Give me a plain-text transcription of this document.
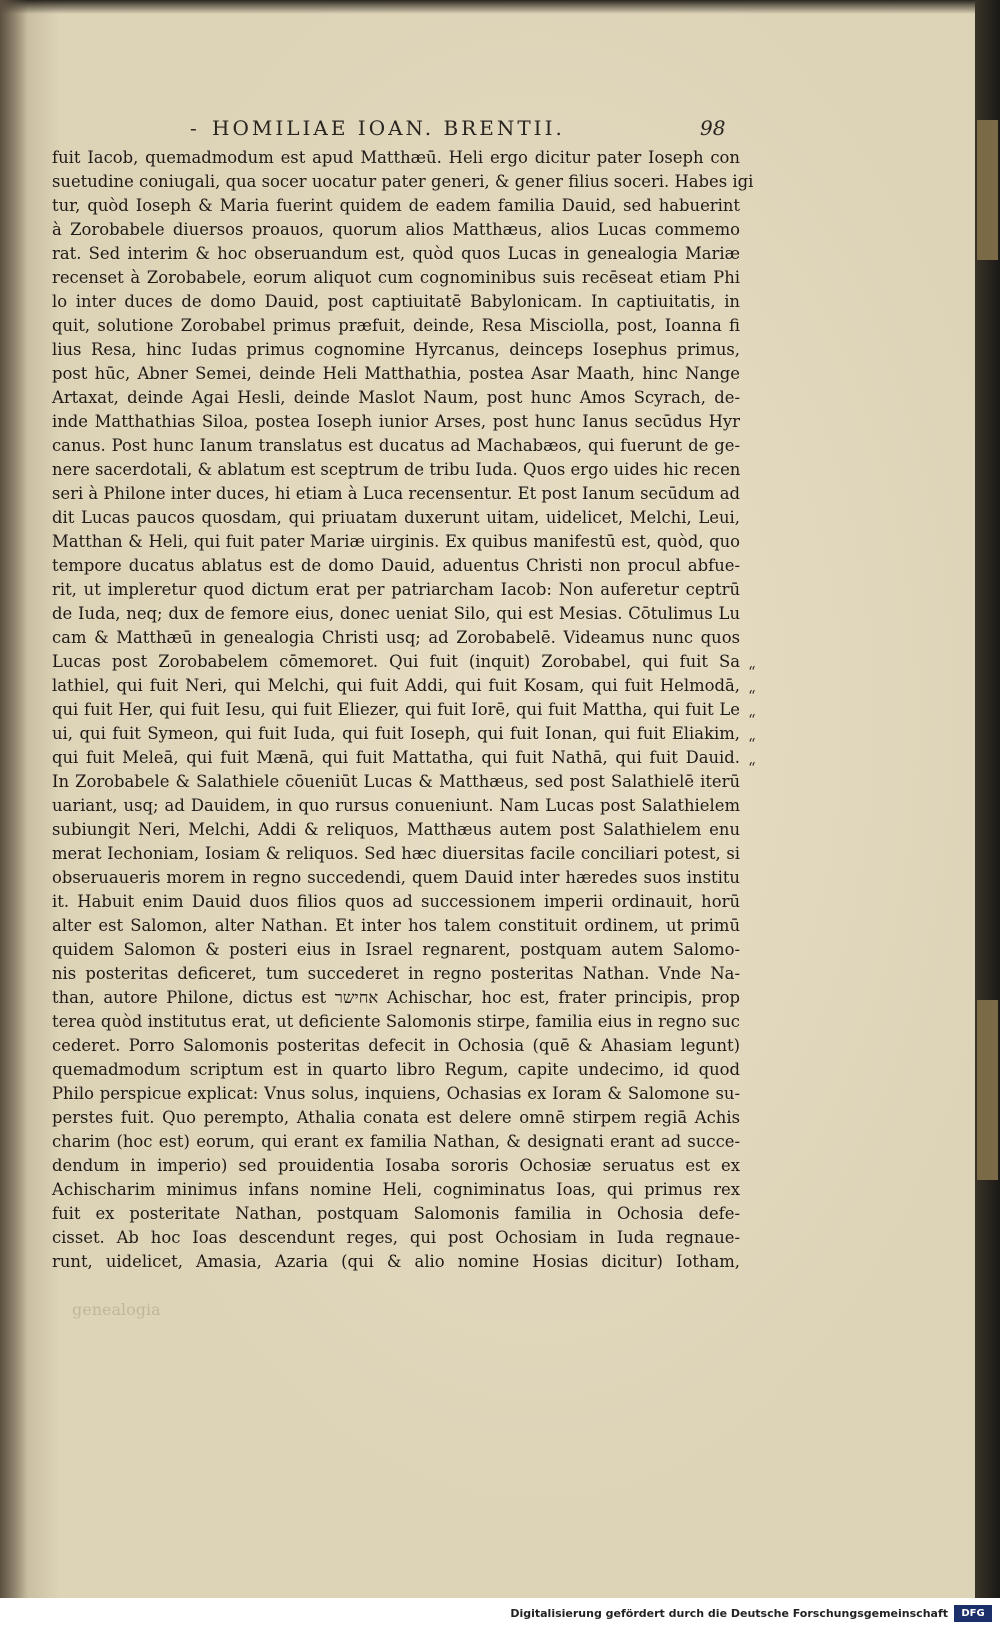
- HOMILIAE IOAN. BRENTII.	98
fuit Iacob, quemadmodum est apud Matthæū. Heli ergo dicitur pater Ioseph con
suetudine coniugali, qua socer uocatur pater generi, & gener filius soceri. Habes igi
tur, quòd Ioseph & Maria fuerint quidem de eadem familia Dauid, sed habuerint
à Zorobabele diuersos proauos, quorum alios Matthæus, alios Lucas commemo
rat. Sed interim & hoc obseruandum est, quòd quos Lucas in genealogia Mariæ
recenset à Zorobabele, eorum aliquot cum cognominibus suis recēseat etiam Phi
lo inter duces de domo Dauid, post captiuitatē Babylonicam. In captiuitatis, in
quit, solutione Zorobabel primus præfuit, deinde, Resa Misciolla, post, Ioanna fi
lius Resa, hinc Iudas primus cognomine Hyrcanus, deinceps Iosephus primus,
post hūc, Abner Semei, deinde Heli Matthathia, postea Asar Maath, hinc Nange
Artaxat, deinde Agai Hesli, deinde Maslot Naum, post hunc Amos Scyrach, de-
inde Matthathias Siloa, postea Ioseph iunior Arses, post hunc Ianus secūdus Hyr
canus. Post hunc Ianum translatus est ducatus ad Machabæos, qui fuerunt de ge-
nere sacerdotali, & ablatum est sceptrum de tribu Iuda. Quos ergo uides hic recen
seri à Philone inter duces, hi etiam à Luca recensentur. Et post Ianum secūdum ad
dit Lucas paucos quosdam, qui priuatam duxerunt uitam, uidelicet, Melchi, Leui,
Matthan & Heli, qui fuit pater Mariæ uirginis. Ex quibus manifestū est, quòd, quo
tempore ducatus ablatus est de domo Dauid, aduentus Christi non procul abfue-
rit, ut impleretur quod dictum erat per patriarcham Iacob: Non auferetur ceptrū
de Iuda, neq; dux de femore eius, donec ueniat Silo, qui est Mesias. Cōtulimus Lu
cam & Matthæū in genealogia Christi usq; ad Zorobabelē. Videamus nunc quos
Lucas post Zorobabelem cōmemoret. Qui fuit (inquit) Zorobabel, qui fuit Sa
lathiel, qui fuit Neri, qui Melchi, qui fuit Addi, qui fuit Kosam, qui fuit Helmodā,
qui fuit Her, qui fuit Iesu, qui fuit Eliezer, qui fuit Iorē, qui fuit Mattha, qui fuit Le
ui, qui fuit Symeon, qui fuit Iuda, qui fuit Ioseph, qui fuit Ionan, qui fuit Eliakim,
qui fuit Meleā, qui fuit Mænā, qui fuit Mattatha, qui fuit Nathā, qui fuit Dauid.
In Zorobabele & Salathiele cōueniūt Lucas & Matthæus, sed post Salathielē iterū
uariant, usq; ad Dauidem, in quo rursus conueniunt. Nam Lucas post Salathielem
subiungit Neri, Melchi, Addi & reliquos, Matthæus autem post Salathielem enu
merat Iechoniam, Iosiam & reliquos. Sed hæc diuersitas facile conciliari potest, si
obseruaueris morem in regno succedendi, quem Dauid inter hæredes suos institu
it. Habuit enim Dauid duos filios quos ad successionem imperii ordinauit, horū
alter est Salomon, alter Nathan. Et inter hos talem constituit ordinem, ut primū
quidem Salomon & posteri eius in Israel regnarent, postquam autem Salomo-
nis posteritas deficeret, tum succederet in regno posteritas Nathan. Vnde Na-
than, autore Philone, dictus est אחישר Achischar, hoc est, frater principis, prop
terea quòd institutus erat, ut deficiente Salomonis stirpe, familia eius in regno suc
cederet. Porro Salomonis posteritas defecit in Ochosia (quē & Ahasiam legunt)
quemadmodum scriptum est in quarto libro Regum, capite undecimo, id quod
Philo perspicue explicat: Vnus solus, inquiens, Ochasias ex Ioram & Salomone su-
perstes fuit. Quo perempto, Athalia conata est delere omnē stirpem regiā Achis
charim (hoc est) eorum, qui erant ex familia Nathan, & designati erant ad succe-
dendum in imperio) sed prouidentia Iosaba sororis Ochosiæ seruatus est ex
Achischarim minimus infans nomine Heli, cogniminatus Ioas, qui primus rex
fuit ex posteritate Nathan, postquam Salomonis familia in Ochosia defe-
cisset. Ab hoc Ioas descendunt reges, qui post Ochosiam in Iuda regnaue-
runt, uidelicet, Amasia, Azaria (qui & alio nomine Hosias dicitur) Iotham,
“
“
“
“
“
genealogia
Digitalisierung gefördert durch die Deutsche Forschungsgemeinschaft	DFG
